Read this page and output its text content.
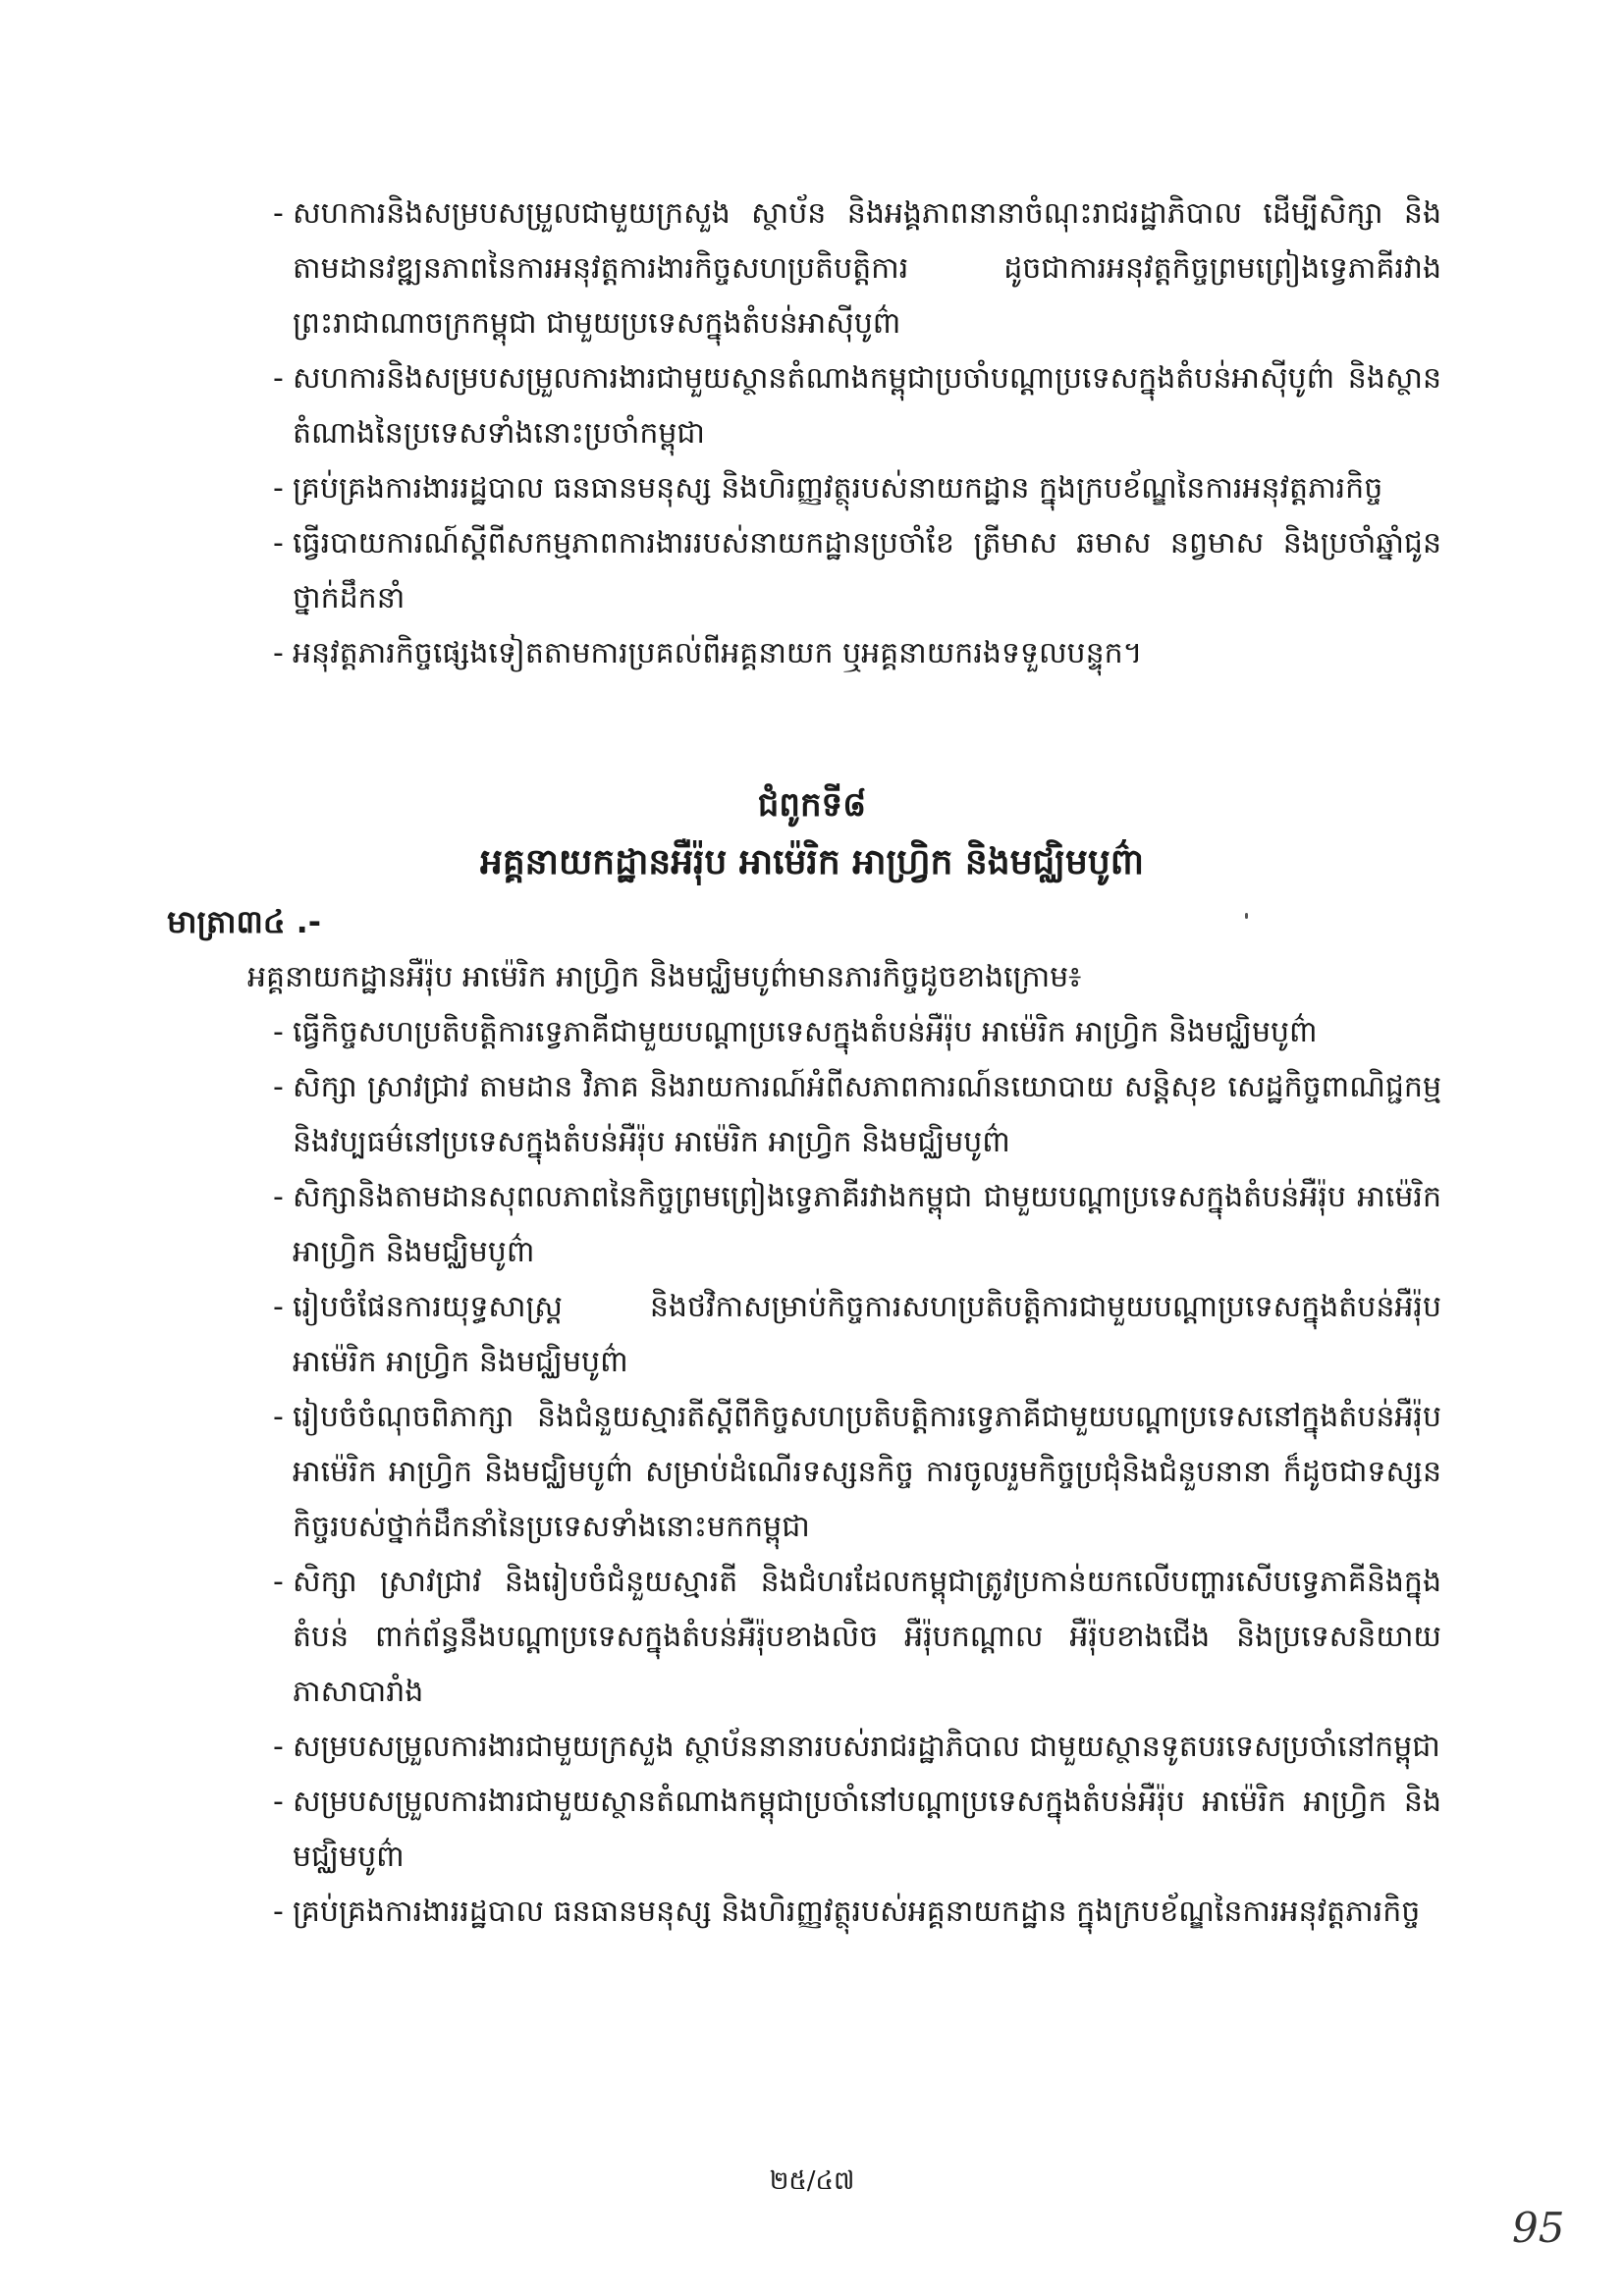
- សហការនិងសម្របសម្រួលជាមួយក្រសួង ស្ថាប័ន និងអង្គភាពនានាចំណុះរាជរដ្ឋាភិបាល ដើម្បីសិក្សា និងតាមដានវឌ្ឍនភាពនៃការអនុវត្តការងារកិច្ចសហប្រតិបត្តិការ ដូចជាការអនុវត្តកិច្ចព្រមព្រៀងទ្វេភាគីរវាងព្រះរាជាណាចក្រកម្ពុជា ជាមួយប្រទេសក្នុងតំបន់អាស៊ីបូព៌ា
- សហការនិងសម្របសម្រួលការងារជាមួយស្ថានតំណាងកម្ពុជាប្រចាំបណ្តាប្រទេសក្នុងតំបន់អាស៊ីបូព៌ា និងស្ថានតំណាងនៃប្រទេសទាំងនោះប្រចាំកម្ពុជា
- គ្រប់គ្រងការងាររដ្ឋបាល ធនធានមនុស្ស និងហិរញ្ញវត្ថុរបស់នាយកដ្ឋាន ក្នុងក្របខ័ណ្ឌនៃការអនុវត្តភារកិច្ច
- ធ្វើរបាយការណ៍ស្តីពីសកម្មភាពការងាររបស់នាយកដ្ឋានប្រចាំខែ ត្រីមាស ឆមាស នព្វមាស និងប្រចាំឆ្នាំជូនថ្នាក់ដឹកនាំ
- អនុវត្តភារកិច្ចផ្សេងទៀតតាមការប្រគល់ពីអគ្គនាយក ឬអគ្គនាយករងទទួលបន្ទុក។
ជំពូកទី៨
អគ្គនាយកដ្ឋានអឺរ៉ុប អាម៉េរិក អាហ្វ្រិក និងមជ្ឈិមបូព៌ា

មាត្រា៣៤ .-

អគ្គនាយកដ្ឋានអឺរ៉ុប អាម៉េរិក អាហ្វ្រិក និងមជ្ឈិមបូព៌ាមានភារកិច្ចដូចខាងក្រោម៖

- ធ្វើកិច្ចសហប្រតិបត្តិការទ្វេភាគីជាមួយបណ្តាប្រទេសក្នុងតំបន់អឺរ៉ុប អាម៉េរិក អាហ្វ្រិក និងមជ្ឈិមបូព៌ា
- សិក្សា ស្រាវជ្រាវ តាមដាន វិភាគ និងរាយការណ៍អំពីសភាពការណ៍នយោបាយ សន្តិសុខ សេដ្ឋកិច្ចពាណិជ្ជកម្ម និងវប្បធម៌នៅប្រទេសក្នុងតំបន់អឺរ៉ុប អាម៉េរិក អាហ្វ្រិក និងមជ្ឈិមបូព៌ា
- សិក្សានិងតាមដានសុពលភាពនៃកិច្ចព្រមព្រៀងទ្វេភាគីរវាងកម្ពុជា ជាមួយបណ្តាប្រទេសក្នុងតំបន់អឺរ៉ុប អាម៉េរិក អាហ្វ្រិក និងមជ្ឈិមបូព៌ា
- រៀបចំផែនការយុទ្ធសាស្ត្រ និងថវិកាសម្រាប់កិច្ចការសហប្រតិបត្តិការជាមួយបណ្តាប្រទេសក្នុងតំបន់អឺរ៉ុប អាម៉េរិក អាហ្វ្រិក និងមជ្ឈិមបូព៌ា
- រៀបចំចំណុចពិភាក្សា និងជំនួយស្មារតីស្តីពីកិច្ចសហប្រតិបត្តិការទ្វេភាគីជាមួយបណ្តាប្រទេសនៅក្នុងតំបន់អឺរ៉ុប អាម៉េរិក អាហ្វ្រិក និងមជ្ឈិមបូព៌ា សម្រាប់ដំណើរទស្សនកិច្ច ការចូលរួមកិច្ចប្រជុំនិងជំនួបនានា ក៏ដូចជាទស្សនកិច្ចរបស់ថ្នាក់ដឹកនាំនៃប្រទេសទាំងនោះមកកម្ពុជា
- សិក្សា ស្រាវជ្រាវ និងរៀបចំជំនួយស្មារតី និងជំហរដែលកម្ពុជាត្រូវប្រកាន់យកលើបញ្ហារសើបទ្វេភាគីនិងក្នុងតំបន់ ពាក់ព័ន្ធនឹងបណ្តាប្រទេសក្នុងតំបន់អឺរ៉ុបខាងលិច អឺរ៉ុបកណ្តាល អឺរ៉ុបខាងជើង និងប្រទេសនិយាយភាសាបារាំង
- សម្របសម្រួលការងារជាមួយក្រសួង ស្ថាប័ននានារបស់រាជរដ្ឋាភិបាល ជាមួយស្ថានទូតបរទេសប្រចាំនៅកម្ពុជា
- សម្របសម្រួលការងារជាមួយស្ថានតំណាងកម្ពុជាប្រចាំនៅបណ្តាប្រទេសក្នុងតំបន់អឺរ៉ុប អាម៉េរិក អាហ្វ្រិក និងមជ្ឈិមបូព៌ា
- គ្រប់គ្រងការងាររដ្ឋបាល ធនធានមនុស្ស និងហិរញ្ញវត្ថុរបស់អគ្គនាយកដ្ឋាន ក្នុងក្របខ័ណ្ឌនៃការអនុវត្តភារកិច្ច
២៥/៤៧
95
